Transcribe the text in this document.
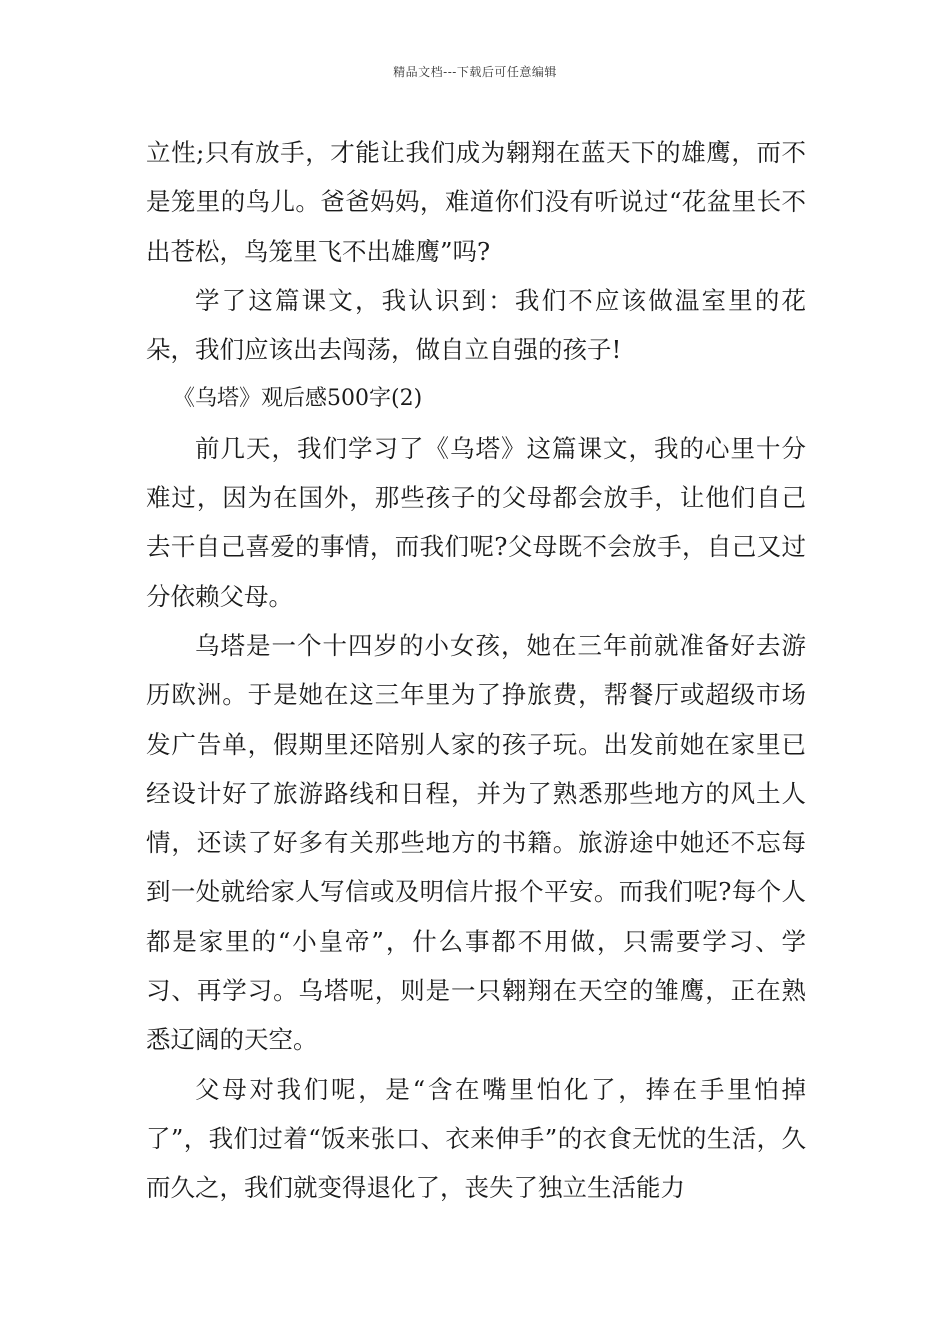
精品文档---下载后可任意编辑

立性;只有放手，才能让我们成为翱翔在蓝天下的雄鹰，而不是笼里的鸟儿。爸爸妈妈，难道你们没有听说过“花盆里长不出苍松，鸟笼里飞不出雄鹰”吗?

学了这篇课文，我认识到：我们不应该做温室里的花朵，我们应该出去闯荡，做自立自强的孩子!

《乌塔》观后感500字(2)

前几天，我们学习了《乌塔》这篇课文，我的心里十分难过，因为在国外，那些孩子的父母都会放手，让他们自己去干自己喜爱的事情，而我们呢?父母既不会放手，自己又过分依赖父母。

乌塔是一个十四岁的小女孩，她在三年前就准备好去游历欧洲。于是她在这三年里为了挣旅费，帮餐厅或超级市场发广告单，假期里还陪别人家的孩子玩。出发前她在家里已经设计好了旅游路线和日程，并为了熟悉那些地方的风土人情，还读了好多有关那些地方的书籍。旅游途中她还不忘每到一处就给家人写信或及明信片报个平安。而我们呢?每个人都是家里的“小皇帝”，什么事都不用做，只需要学习、学习、再学习。乌塔呢，则是一只翱翔在天空的雏鹰，正在熟悉辽阔的天空。

父母对我们呢，是“含在嘴里怕化了，捧在手里怕掉了”，我们过着“饭来张口、衣来伸手”的衣食无忧的生活，久而久之，我们就变得退化了，丧失了独立生活能力
